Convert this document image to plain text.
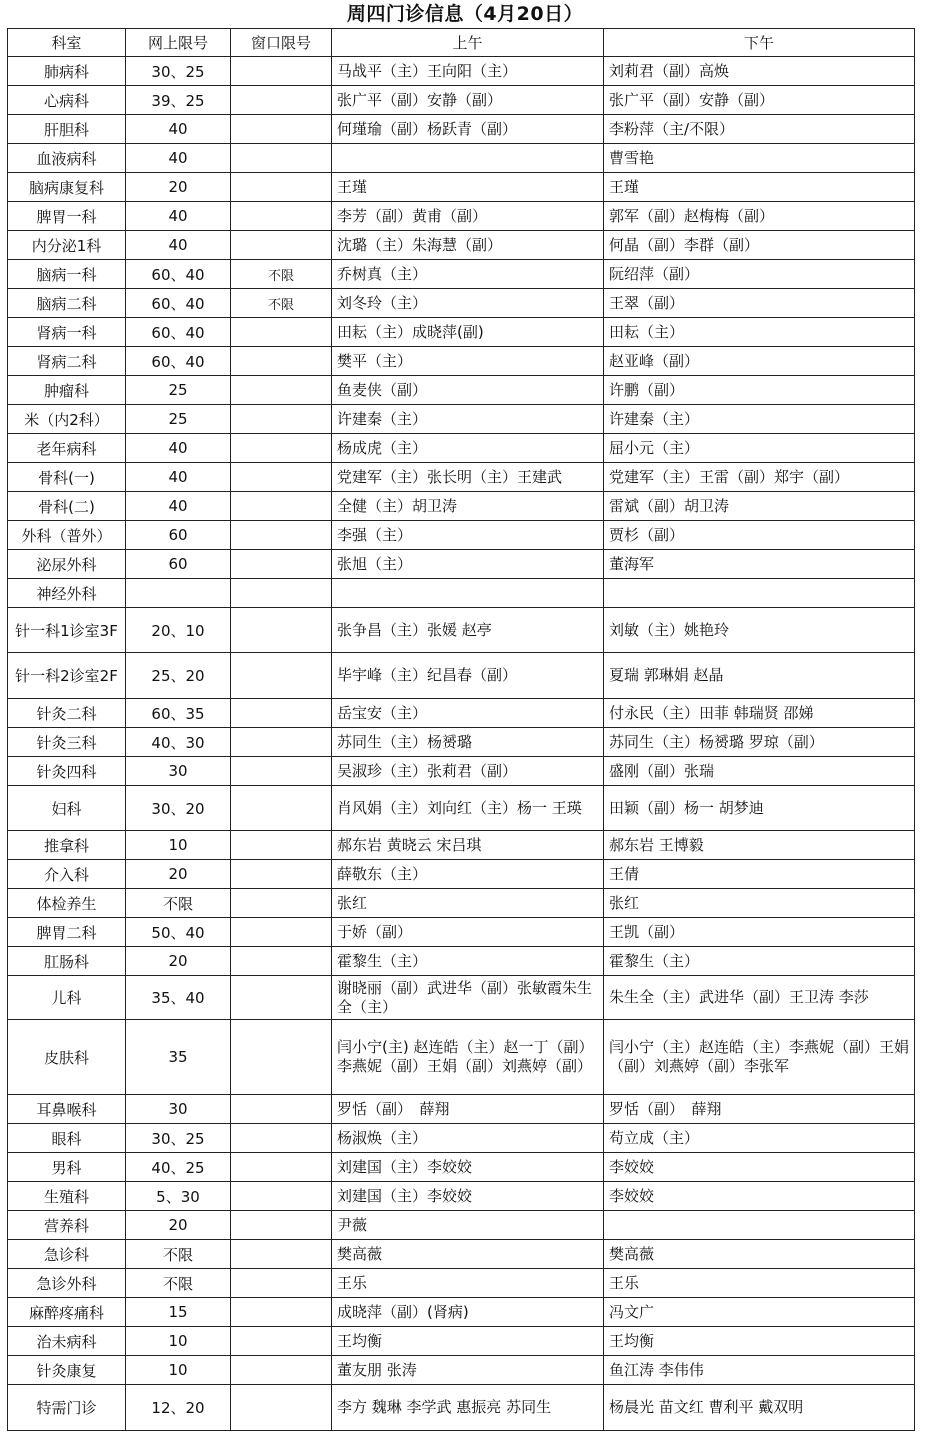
周四门诊信息（4月20日）
科室	网上限号	窗口限号	上午	下午
肺病科	30、25		马战平（主）王向阳（主）	刘莉君（副）高焕
心病科	39、25		张广平（副）安静（副）	张广平（副）安静（副）
肝胆科	40		何瑾瑜（副）杨跃青（副）	李粉萍（主/不限）
血液病科	40			曹雪艳
脑病康复科	20		王瑾	王瑾
脾胃一科	40		李芳（副）黄甫（副）	郭军（副）赵梅梅（副）
内分泌1科	40		沈璐（主）朱海慧（副）	何晶（副）李群（副）
脑病一科	60、40	不限	乔树真（主）	阮绍萍（副）
脑病二科	60、40	不限	刘冬玲（主）	王翠（副）
肾病一科	60、40		田耘（主）成晓萍(副)	田耘（主）
肾病二科	60、40		樊平（主）	赵亚峰（副）
肿瘤科	25		鱼麦侠（副）	许鹏（副）
米（内2科）	25		许建秦（主）	许建秦（主）
老年病科	40		杨成虎（主）	屈小元（主）
骨科(一)	40		党建军（主）张长明（主）王建武	党建军（主）王雷（副）郑宇（副）
骨科(二)	40		全健（主）胡卫涛	雷斌（副）胡卫涛
外科（普外）	60		李强（主）	贾杉（副）
泌尿外科	60		张旭（主）	董海军
神经外科				
针一科1诊室3F	20、10		张争昌（主）张媛 赵亭	刘敏（主）姚艳玲
针一科2诊室2F	25、20		毕宇峰（主）纪昌春（副）	夏瑞 郭琳娟 赵晶
针灸二科	60、35		岳宝安（主）	付永民（主）田菲 韩瑞贤 邵娣
针灸三科	40、30		苏同生（主）杨赟璐	苏同生（主）杨赟璐 罗琼（副）
针灸四科	30		吴淑珍（主）张莉君（副）	盛刚（副）张瑞
妇科	30、20		肖风娟（主）刘向红（主）杨一 王瑛	田颖（副）杨一 胡梦迪
推拿科	10		郝东岩 黄晓云 宋吕琪	郝东岩 王博毅
介入科	20		薛敬东（主）	王倩
体检养生	不限		张红	张红
脾胃二科	50、40		于娇（副）	王凯（副）
肛肠科	20		霍黎生（主）	霍黎生（主）
儿科	35、40		谢晓丽（副）武进华（副）张敏霞朱生全（主）	朱生全（主）武进华（副）王卫涛 李莎
皮肤科	35		闫小宁(主) 赵连皓（主）赵一丁（副）李燕妮（副）王娟（副）刘燕婷（副）	闫小宁（主）赵连皓（主）李燕妮（副）王娟（副）刘燕婷（副）李张军
耳鼻喉科	30		罗恬（副）　薛翔	罗恬（副）　薛翔
眼科	30、25		杨淑焕（主）	苟立成（主）
男科	40、25		刘建国（主）李姣姣	李姣姣
生殖科	5、30		刘建国（主）李姣姣	李姣姣
营养科	20		尹薇	
急诊科	不限		樊高薇	樊高薇
急诊外科	不限		王乐	王乐
麻醉疼痛科	15		成晓萍（副）(肾病)	冯文广
治未病科	10		王均衡	王均衡
针灸康复	10		董友朋 张涛	鱼江涛 李伟伟
特需门诊	12、20		李方 魏琳 李学武 惠振亮 苏同生	杨晨光 苗文红 曹利平 戴双明
